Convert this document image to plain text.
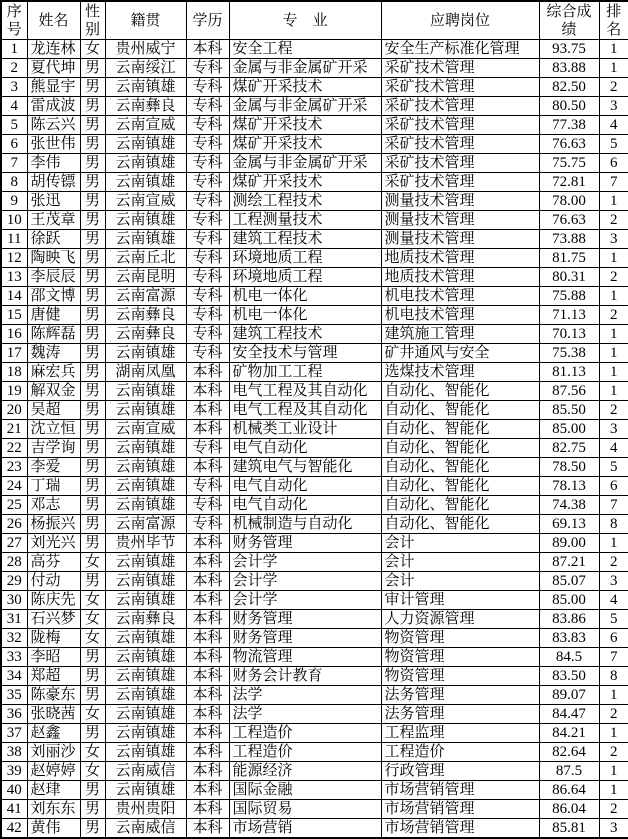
序号	姓名	性别	籍贯	学历	专　业	应聘岗位	综合成绩	排名
1	龙连林	女	贵州威宁	本科	安全工程	安全生产标准化管理	93.75	1
2	夏代坤	男	云南绥江	专科	金属与非金属矿开采	采矿技术管理	83.88	1
3	熊显宇	男	云南镇雄	专科	煤矿开采技术	采矿技术管理	82.50	2
4	雷成波	男	云南彝良	专科	金属与非金属矿开采	采矿技术管理	80.50	3
5	陈云兴	男	云南宣威	专科	煤矿开采技术	采矿技术管理	77.38	4
6	张世伟	男	云南镇雄	专科	煤矿开采技术	采矿技术管理	76.63	5
7	李伟	男	云南镇雄	专科	金属与非金属矿开采	采矿技术管理	75.75	6
8	胡传镖	男	云南镇雄	专科	煤矿开采技术	采矿技术管理	72.81	7
9	张迅	男	云南宣威	专科	测绘工程技术	测量技术管理	78.00	1
10	王茂章	男	云南镇雄	专科	工程测量技术	测量技术管理	76.63	2
11	徐跃	男	云南镇雄	专科	建筑工程技术	测量技术管理	73.88	3
12	陶映飞	男	云南丘北	专科	环境地质工程	地质技术管理	81.75	1
13	李辰辰	男	云南昆明	专科	环境地质工程	地质技术管理	80.31	2
14	邵文博	男	云南富源	专科	机电一体化	机电技术管理	75.88	1
15	唐健	男	云南彝良	专科	机电一体化	机电技术管理	71.13	2
16	陈辉磊	男	云南彝良	专科	建筑工程技术	建筑施工管理	70.13	1
17	魏涛	男	云南镇雄	专科	安全技术与管理	矿井通风与安全	75.38	1
18	麻宏兵	男	湖南凤凰	本科	矿物加工工程	选煤技术管理	81.13	1
19	解双金	男	云南镇雄	本科	电气工程及其自动化	自动化、智能化	87.56	1
20	吴超	男	云南镇雄	本科	电气工程及其自动化	自动化、智能化	85.50	2
21	沈立恒	男	云南宣威	本科	机械类工业设计	自动化、智能化	85.00	3
22	吉学询	男	云南镇雄	专科	电气自动化	自动化、智能化	82.75	4
23	李爱	男	云南镇雄	本科	建筑电气与智能化	自动化、智能化	78.50	5
24	丁瑞	男	云南镇雄	专科	电气自动化	自动化、智能化	78.13	6
25	邓志	男	云南镇雄	专科	电气自动化	自动化、智能化	74.38	7
26	杨振兴	男	云南富源	专科	机械制造与自动化	自动化、智能化	69.13	8
27	刘光兴	男	贵州毕节	本科	财务管理	会计	89.00	1
28	高芬	女	云南镇雄	本科	会计学	会计	87.21	2
29	付动	男	云南镇雄	本科	会计学	会计	85.07	3
30	陈庆先	女	云南镇雄	本科	会计学	审计管理	85.00	4
31	石兴梦	女	云南彝良	本科	财务管理	人力资源管理	83.86	5
32	陇梅	女	云南镇雄	本科	财务管理	物资管理	83.83	6
33	李昭	男	云南镇雄	本科	物流管理	物资管理	84.5	7
34	郑超	男	云南镇雄	本科	财务会计教育	物资管理	83.50	8
35	陈豪东	男	云南镇雄	本科	法学	法务管理	89.07	1
36	张晓茜	女	云南镇雄	本科	法学	法务管理	84.47	2
37	赵鑫	男	云南镇雄	本科	工程造价	工程监理	84.21	1
38	刘丽沙	女	云南镇雄	本科	工程造价	工程造价	82.64	2
39	赵婷婷	女	云南威信	本科	能源经济	行政管理	87.5	1
40	赵珒	男	云南镇雄	本科	国际金融	市场营销管理	86.64	1
41	刘东东	男	贵州贵阳	本科	国际贸易	市场营销管理	86.04	2
42	黄伟	男	云南威信	本科	市场营销	市场营销管理	85.81	3
